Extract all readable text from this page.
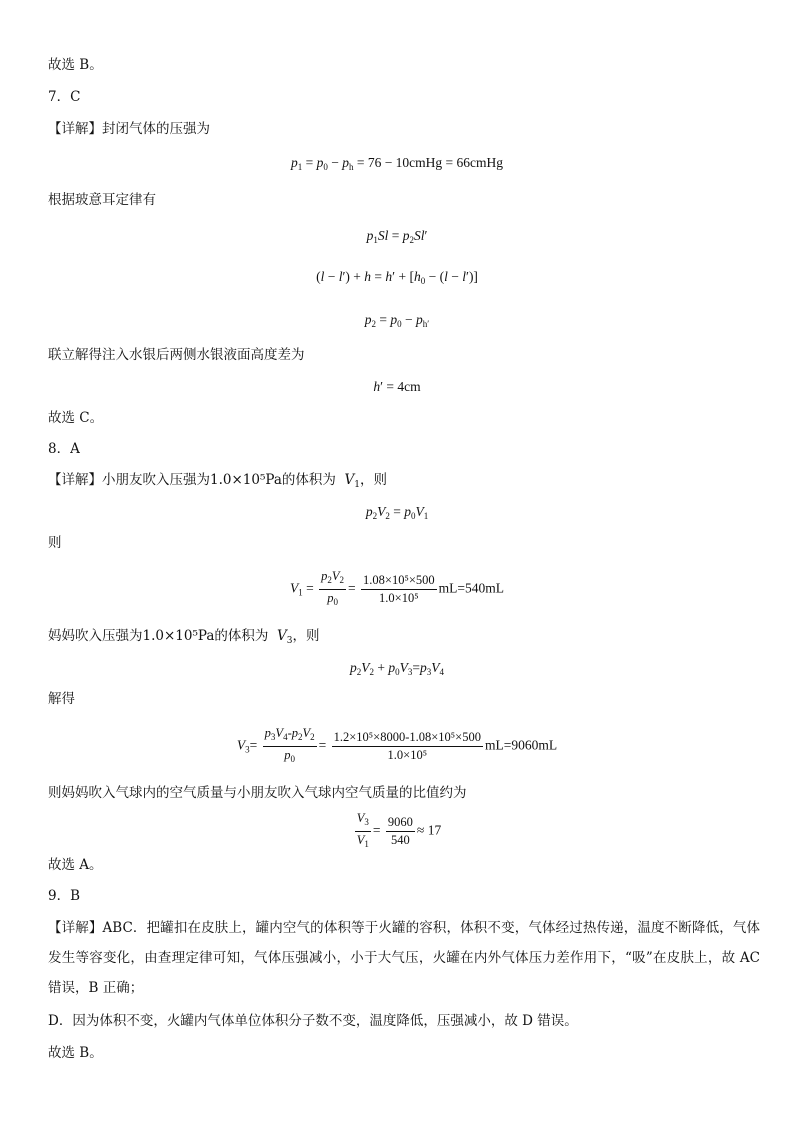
故选 B。
7．C
【详解】封闭气体的压强为
$p_1 = p_0 - p_h = 76$ − 10cmHg = 66cmHg
根据玻意耳定律有
$p_1Sl = p_2Sl'$
$(l - l') + h = h' + [h_0 - (l - l')]$
$p_2 = p_0 - p_{h'}$
联立解得注入水银后两侧水银液面高度差为
h′ = 4cm
故选 C。
8．A
【详解】小朋友吹入压强为1.0×10⁵Pa的体积为 $V_1$，则
$p_2V_2 = p_0V_1$
则
$V_1 = \frac{p_2V_2}{p_0} = \frac{\text{1.08×10⁵×500}}{\text{1.0×10⁵}} mL=540mL$
妈妈吹入压强为1.0×10⁵Pa的体积为 $V_3$，则
$p_2V_2 + p_0V_3=p_3V_4$
解得
$V_3= \frac{p_3V_4-p_2V_2}{p_0} = \frac{\text{1.2×10⁵×8000-1.08×10⁵×500}}{\text{1.0×10⁵}} mL=9060mL$
则妈妈吹入气球内的空气质量与小朋友吹入气球内空气质量的比值约为
$\frac{V_3}{V_1} = \frac{9060}{540} \approx 17$
故选 A。
9．B
【详解】ABC．把罐扣在皮肤上，罐内空气的体积等于火罐的容积，体积不变，气体经过热传递，温度不断降低，气体发生等容变化，由查理定律可知，气体压强减小，小于大气压，火罐在内外气体压力差作用下，“吸”在皮肤上，故 AC 错误，B 正确；
D．因为体积不变，火罐内气体单位体积分子数不变，温度降低，压强减小，故 D 错误。
故选 B。
